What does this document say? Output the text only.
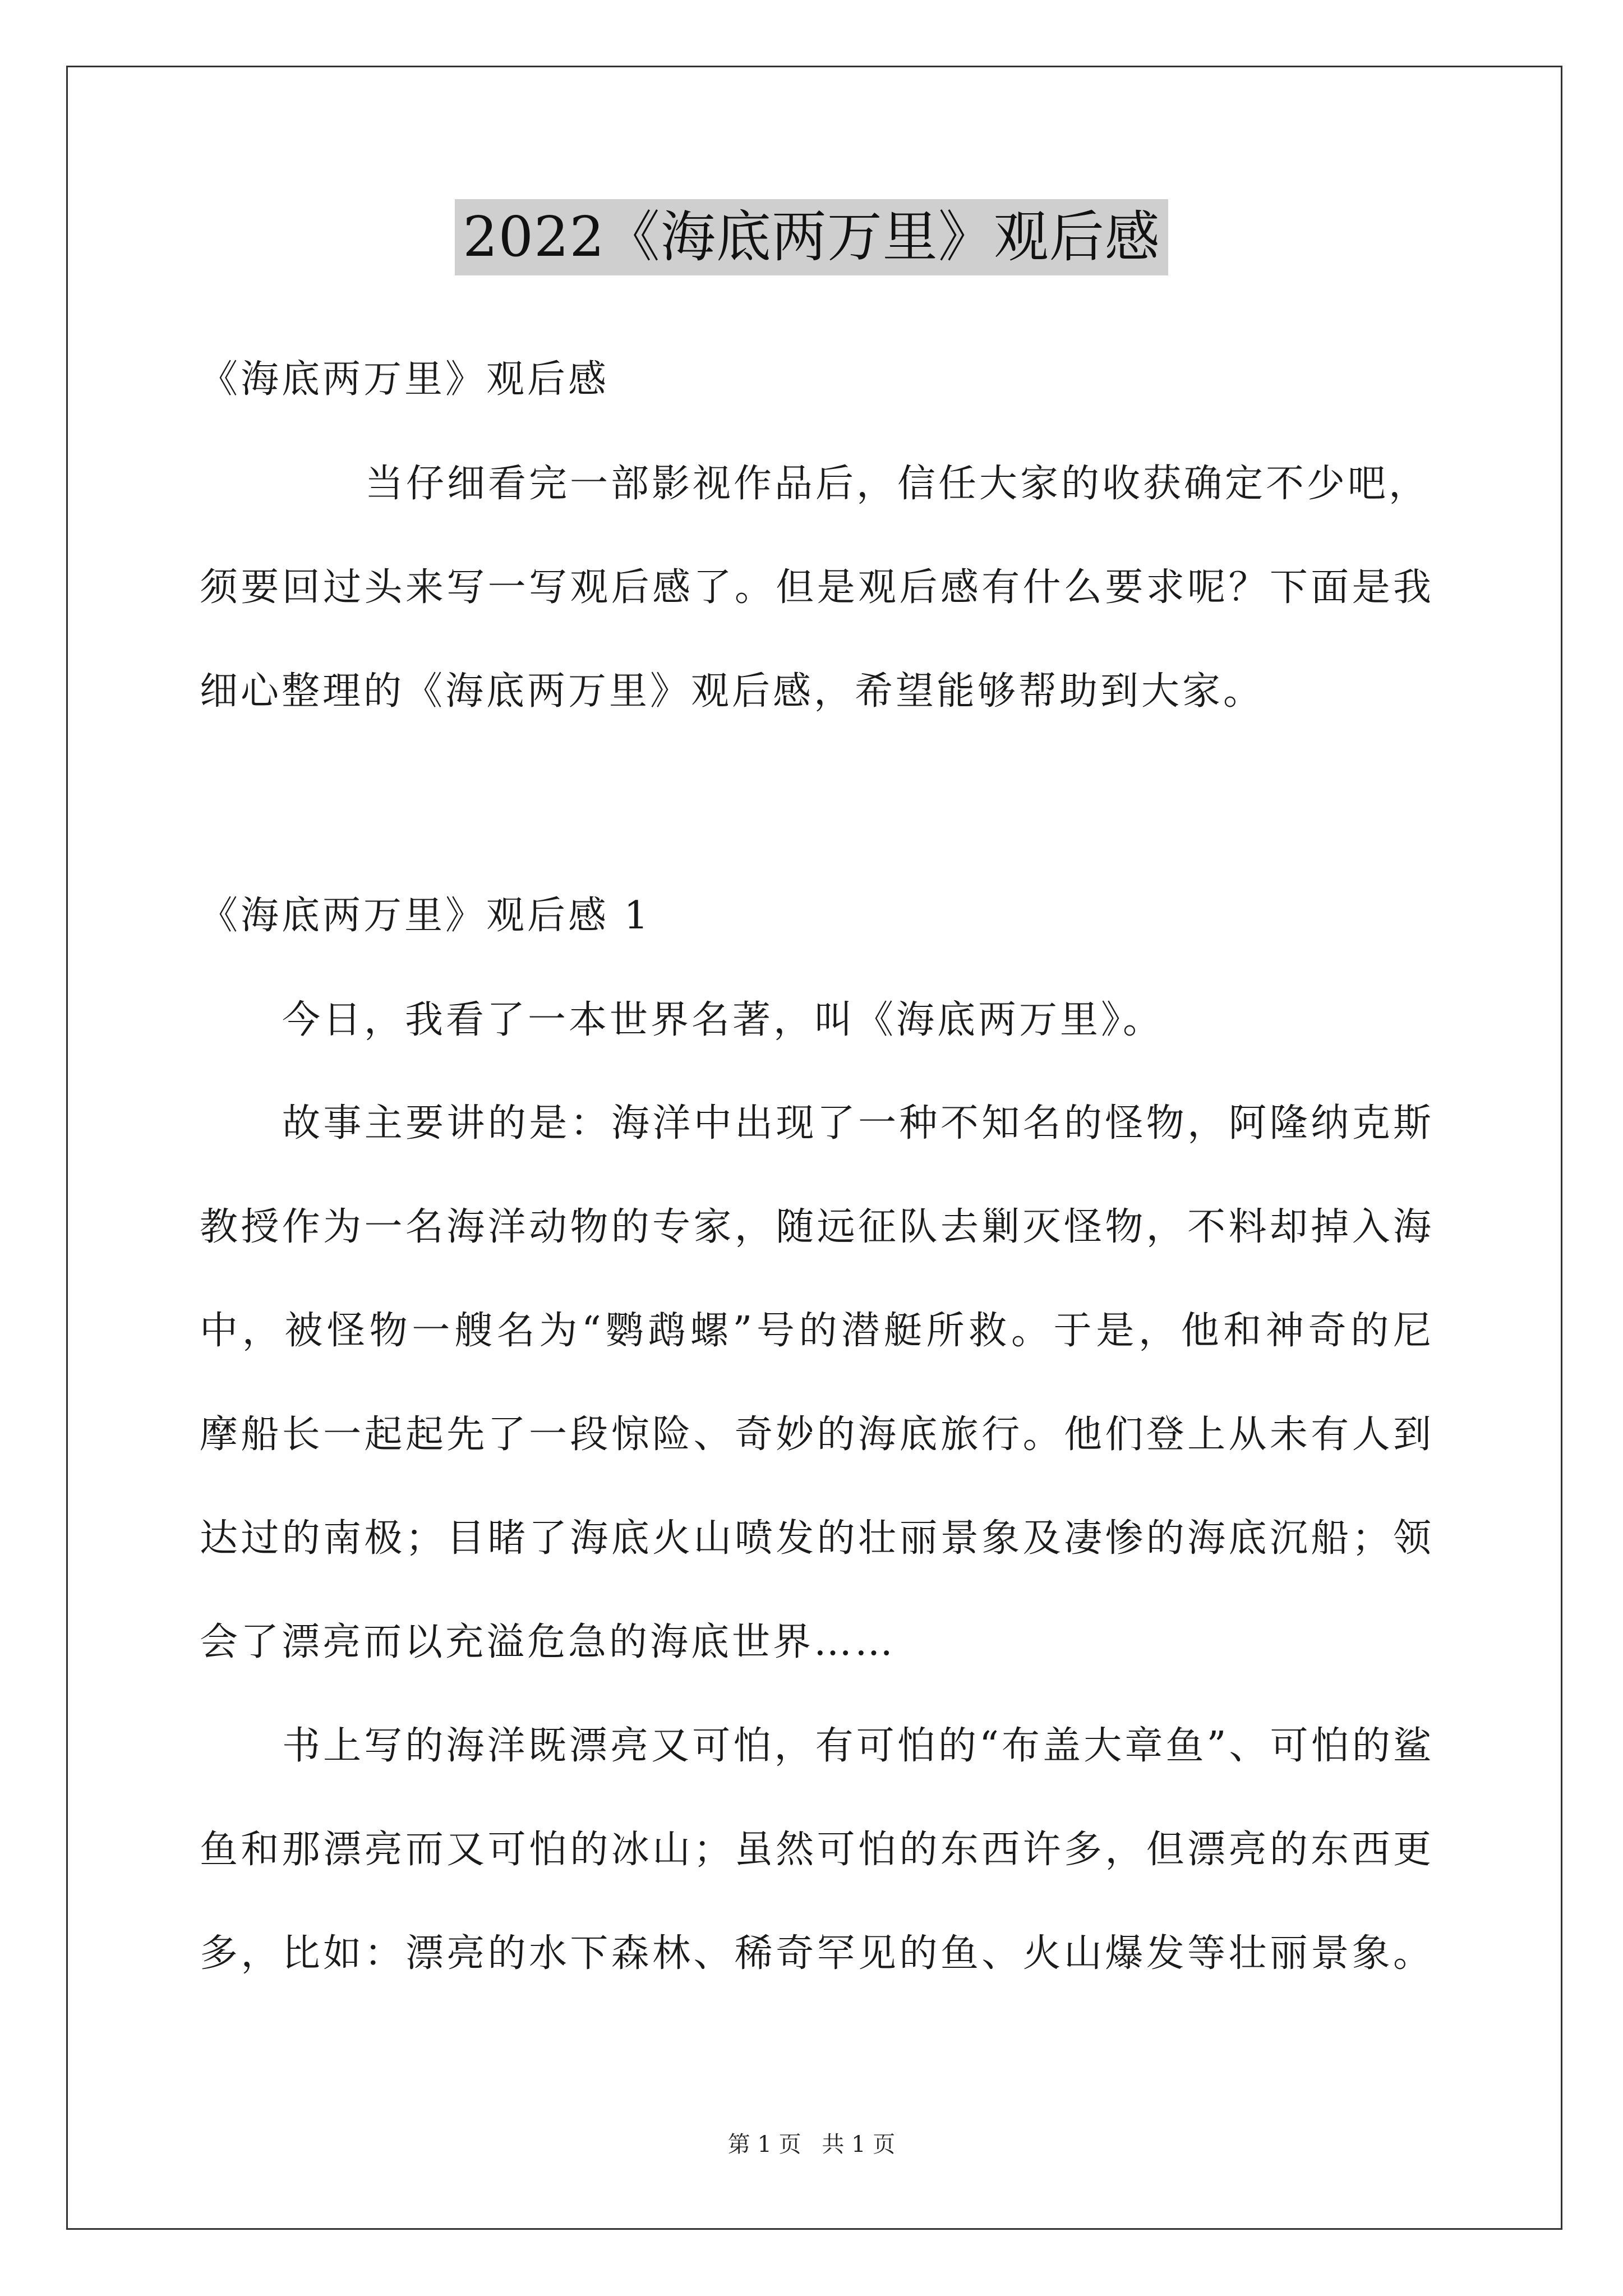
2022《海底两万里》观后感
《海底两万里》观后感
当仔细看完一部影视作品后，信任大家的收获确定不少吧，
须要回过头来写一写观后感了。但是观后感有什么要求呢？下面是我
细心整理的《海底两万里》观后感，希望能够帮助到大家。
《海底两万里》观后感 1
今日，我看了一本世界名著，叫《海底两万里》。
故事主要讲的是：海洋中出现了一种不知名的怪物，阿隆纳克斯
教授作为一名海洋动物的专家，随远征队去剿灭怪物，不料却掉入海
中，被怪物一艘名为“鹦鹉螺”号的潜艇所救。于是，他和神奇的尼
摩船长一起起先了一段惊险、奇妙的海底旅行。他们登上从未有人到
达过的南极；目睹了海底火山喷发的壮丽景象及凄惨的海底沉船；领
会了漂亮而以充溢危急的海底世界……
书上写的海洋既漂亮又可怕，有可怕的“布盖大章鱼”、可怕的鲨
鱼和那漂亮而又可怕的冰山；虽然可怕的东西许多，但漂亮的东西更
多，比如：漂亮的水下森林、稀奇罕见的鱼、火山爆发等壮丽景象。
第 1 页 共 1 页
